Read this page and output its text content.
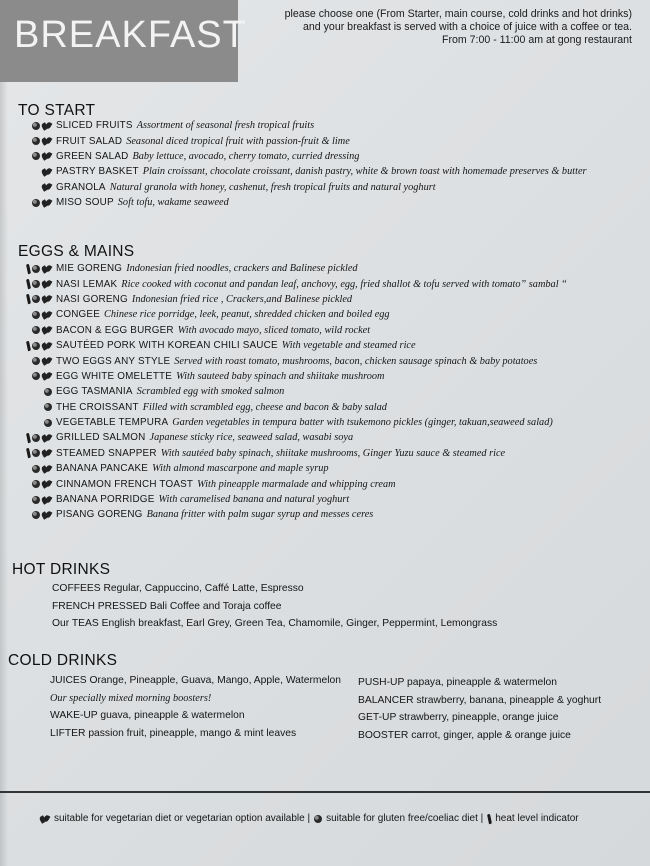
BREAKFAST	please choose one (From Starter, main course, cold drinks and hot drinks)
and your breakfast is served with a choice of juice with a coffee or tea.
From 7:00 - 11:00 am at gong restaurant
TO START
SLICED FRUITS Assortment of seasonal fresh tropical fruits
FRUIT SALAD Seasonal diced tropical fruit with passion-fruit & lime
GREEN SALAD Baby lettuce, avocado, cherry tomato, curried dressing
PASTRY BASKET Plain croissant, chocolate croissant, danish pastry, white & brown toast with homemade preserves & butter
GRANOLA Natural granola with honey, cashenut, fresh tropical fruits and natural yoghurt
MISO SOUP Soft tofu, wakame seaweed
EGGS & MAINS
MIE GORENG Indonesian fried noodles, crackers and Balinese pickled
NASI LEMAK Rice cooked with coconut and pandan leaf, anchovy, egg, fried shallot & tofu served with tomato” sambal “
NASI GORENG Indonesian fried rice , Crackers,and Balinese pickled
CONGEE Chinese rice porridge, leek, peanut, shredded chicken and boiled egg
BACON & EGG BURGER With avocado mayo, sliced tomato, wild rocket
SAUTÉED PORK WITH KOREAN CHILI SAUCE With vegetable and steamed rice
TWO EGGS ANY STYLE Served with roast tomato, mushrooms, bacon, chicken sausage spinach & baby potatoes
EGG WHITE OMELETTE With sauteed baby spinach and shiitake mushroom
EGG TASMANIA Scrambled egg with smoked salmon
THE CROISSANT Filled with scrambled egg, cheese and bacon & baby salad
VEGETABLE TEMPURA Garden vegetables in tempura batter with tsukemono pickles (ginger, takuan,seaweed salad)
GRILLED SALMON Japanese sticky rice, seaweed salad, wasabi soya
STEAMED SNAPPER With sautéed baby spinach, shiitake mushrooms, Ginger Yuzu sauce & steamed rice
BANANA PANCAKE With almond mascarpone and maple syrup
CINNAMON FRENCH TOAST With pineapple marmalade and whipping cream
BANANA PORRIDGE With caramelised banana and natural yoghurt
PISANG GORENG Banana fritter with palm sugar syrup and messes ceres
HOT DRINKS
COFFEES Regular, Cappuccino, Caffé Latte, Espresso
FRENCH PRESSED Bali Coffee and Toraja coffee
Our TEAS English breakfast, Earl Grey, Green Tea, Chamomile, Ginger, Peppermint, Lemongrass
COLD DRINKS
JUICES Orange, Pineapple, Guava, Mango, Apple, Watermelon
Our specially mixed morning boosters!
WAKE-UP guava, pineapple & watermelon
LIFTER passion fruit, pineapple, mango & mint leaves
PUSH-UP papaya, pineapple & watermelon
BALANCER strawberry, banana, pineapple & yoghurt
GET-UP strawberry, pineapple, orange juice
BOOSTER carrot, ginger, apple & orange juice
suitable for vegetarian diet or vegetarian option available | suitable for gluten free/coeliac diet | heat level indicator
